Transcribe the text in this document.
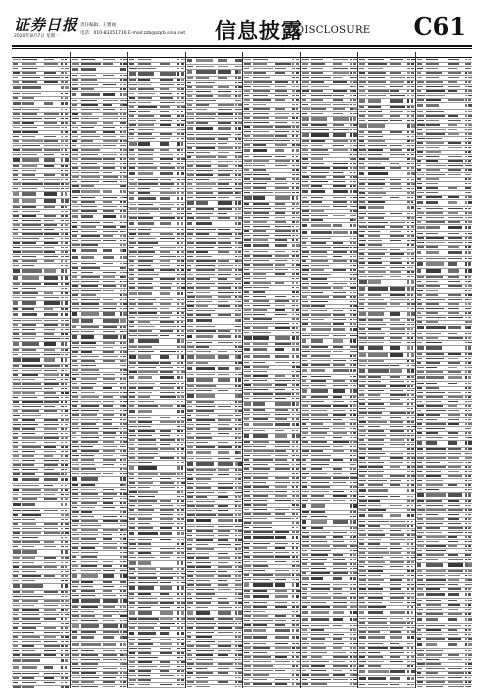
证券日报
2020年8月7日 星期一
责任编辑：王雅丽
电话：010-83251716 E-mail:zzb@zqrb.sina.net 信息披露
DISCLOSURE C61
